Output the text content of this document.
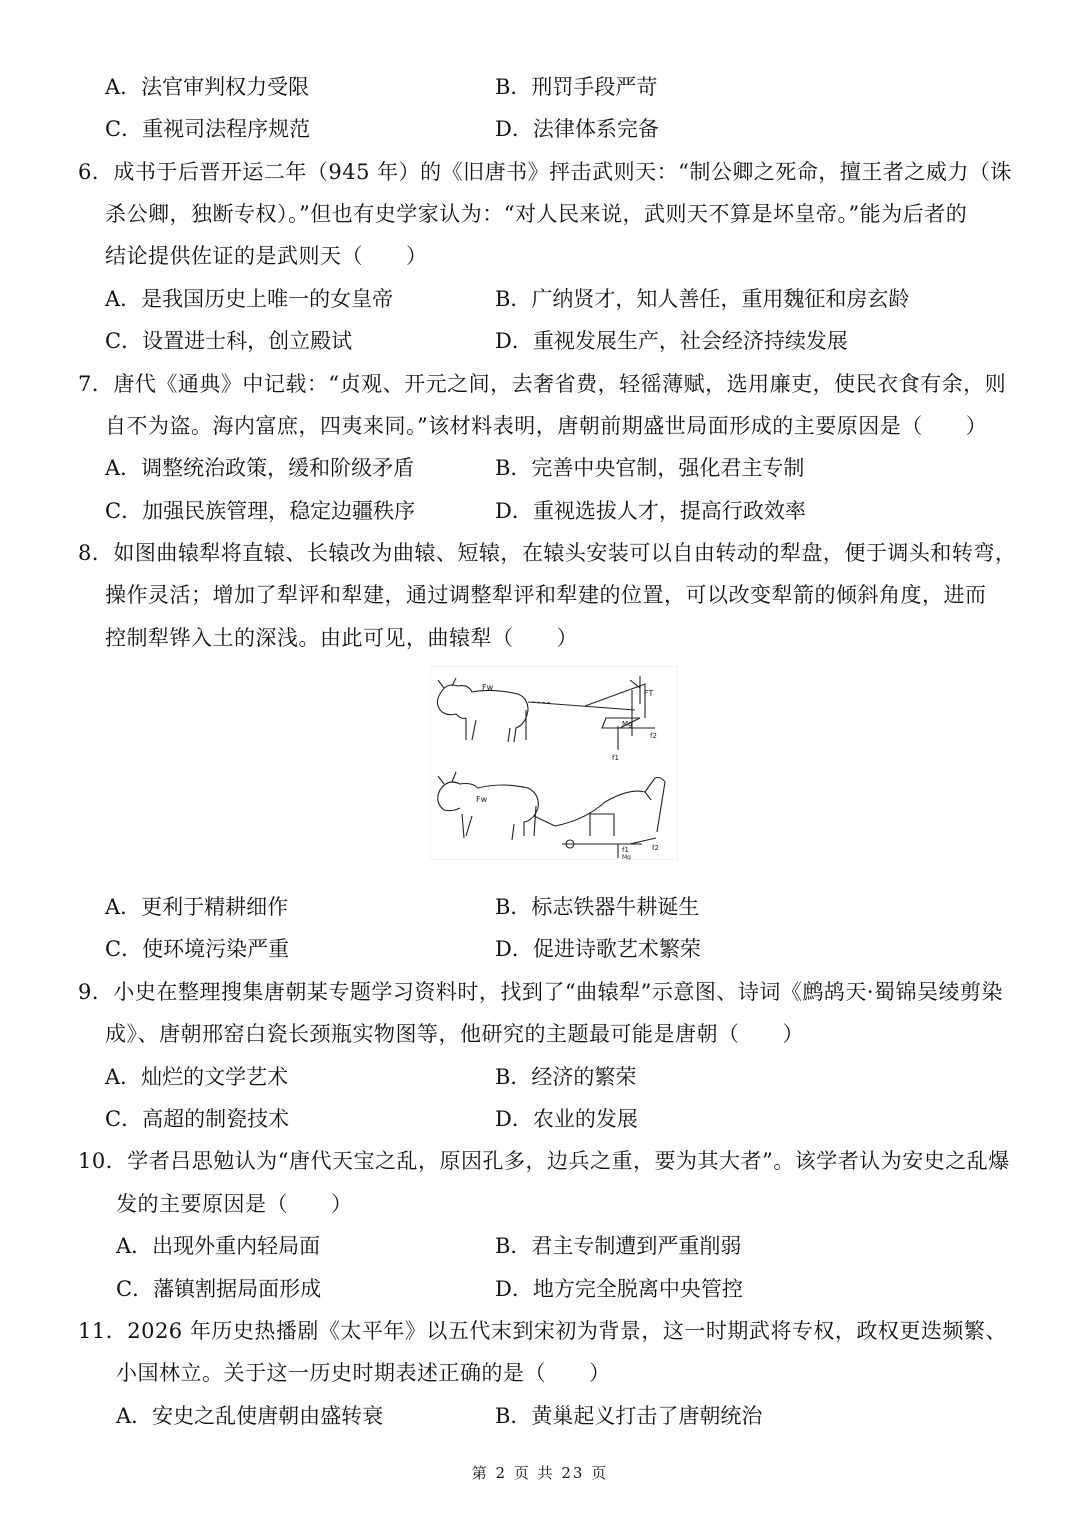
A．法官审判权力受限	B．刑罚手段严苛
C．重视司法程序规范	D．法律体系完备
6．成书于后晋开运二年（945 年）的《旧唐书》抨击武则天：“制公卿之死命，擅王者之威力（诛
杀公卿，独断专权）。”但也有史学家认为：“对人民来说，武则天不算是坏皇帝。”能为后者的
结论提供佐证的是武则天（　　）
A．是我国历史上唯一的女皇帝	B．广纳贤才，知人善任，重用魏征和房玄龄
C．设置进士科，创立殿试	D．重视发展生产，社会经济持续发展
7．唐代《通典》中记载：“贞观、开元之间，去奢省费，轻徭薄赋，选用廉吏，使民衣食有余，则
自不为盗。海内富庶，四夷来同。”该材料表明，唐朝前期盛世局面形成的主要原因是（　　）
A．调整统治政策，缓和阶级矛盾	B．完善中央官制，强化君主专制
C．加强民族管理，稳定边疆秩序	D．重视选拔人才，提高行政效率
8．如图曲辕犁将直辕、长辕改为曲辕、短辕，在辕头安装可以自由转动的犁盘，便于调头和转弯，
操作灵活；增加了犁评和犁建，通过调整犁评和犁建的位置，可以改变犁箭的倾斜角度，进而
控制犁铧入土的深浅。由此可见，曲辕犁（　　）
Fw
FT
f1
f2
Mg
Fw
f1	f2
Mg
A．更利于精耕细作	B．标志铁器牛耕诞生
C．使环境污染严重	D．促进诗歌艺术繁荣
9．小史在整理搜集唐朝某专题学习资料时，找到了“曲辕犁”示意图、诗词《鹧鸪天·蜀锦吴绫剪染
成》、唐朝邢窑白瓷长颈瓶实物图等，他研究的主题最可能是唐朝（　　）
A．灿烂的文学艺术	B．经济的繁荣
C．高超的制瓷技术	D．农业的发展
10．学者吕思勉认为“唐代天宝之乱，原因孔多，边兵之重，要为其大者”。该学者认为安史之乱爆
发的主要原因是（　　）
A．出现外重内轻局面	B．君主专制遭到严重削弱
C．藩镇割据局面形成	D．地方完全脱离中央管控
11．2026 年历史热播剧《太平年》以五代末到宋初为背景，这一时期武将专权，政权更迭频繁、
小国林立。关于这一历史时期表述正确的是（　　）
A．安史之乱使唐朝由盛转衰	B．黄巢起义打击了唐朝统治
第 2 页 共 23 页
